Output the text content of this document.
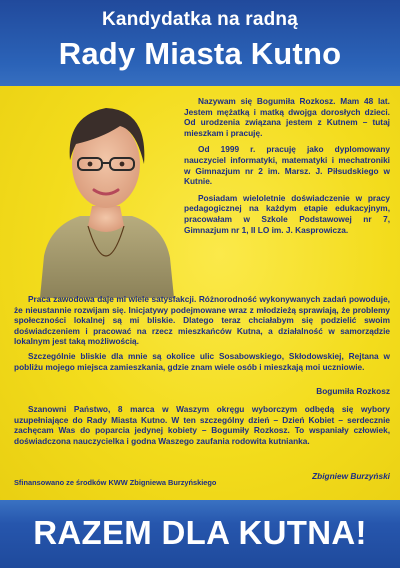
Kandydatka na radną
Rady Miasta Kutno

Nazywam się Bogumiła Rozkosz. Mam 48 lat. Jestem mężatką i matką dwojga dorosłych dzieci. Od urodzenia związana jestem z Kutnem – tutaj mieszkam i pracuję.

Od 1999 r. pracuję jako dyplomowany nauczyciel informatyki, matematyki i mechatroniki w Gimnazjum nr 2 im. Marsz. J. Piłsudskiego w Kutnie.

Posiadam wieloletnie doświadczenie w pracy pedagogicznej na każdym etapie edukacyjnym, pracowałam w Szkole Podstawowej nr 7, Gimnazjum nr 1, II LO im. J. Kasprowicza.

Praca zawodowa daje mi wiele satysfakcji. Różnorodność wykonywanych zadań powoduje, że nieustannie rozwijam się. Inicjatywy podejmowane wraz z młodzieżą sprawiają, że problemy społeczności lokalnej są mi bliskie. Dlatego teraz chciałabym się podzielić swoim doświadczeniem i pracować na rzecz mieszkańców Kutna, a działalność w samorządzie lokalnym jest taką możliwością.

Szczególnie bliskie dla mnie są okolice ulic Sosabowskiego, Skłodowskiej, Rejtana w pobliżu mojego miejsca zamieszkania, gdzie znam wiele osób i mieszkają moi uczniowie.

Bogumiła Rozkosz

Szanowni Państwo, 8 marca w Waszym okręgu wyborczym odbędą się wybory uzupełniające do Rady Miasta Kutno. W ten szczególny dzień – Dzień Kobiet – serdecznie zachęcam Was do poparcia jedynej kobiety – Bogumiły Rozkosz. To wspaniały człowiek, doświadczona nauczycielka i godna Waszego zaufania rodowita kutnianka.

Zbigniew Burzyński
Sfinansowano ze środków KWW Zbigniewa Burzyńskiego
RAZEM DLA KUTNA!
